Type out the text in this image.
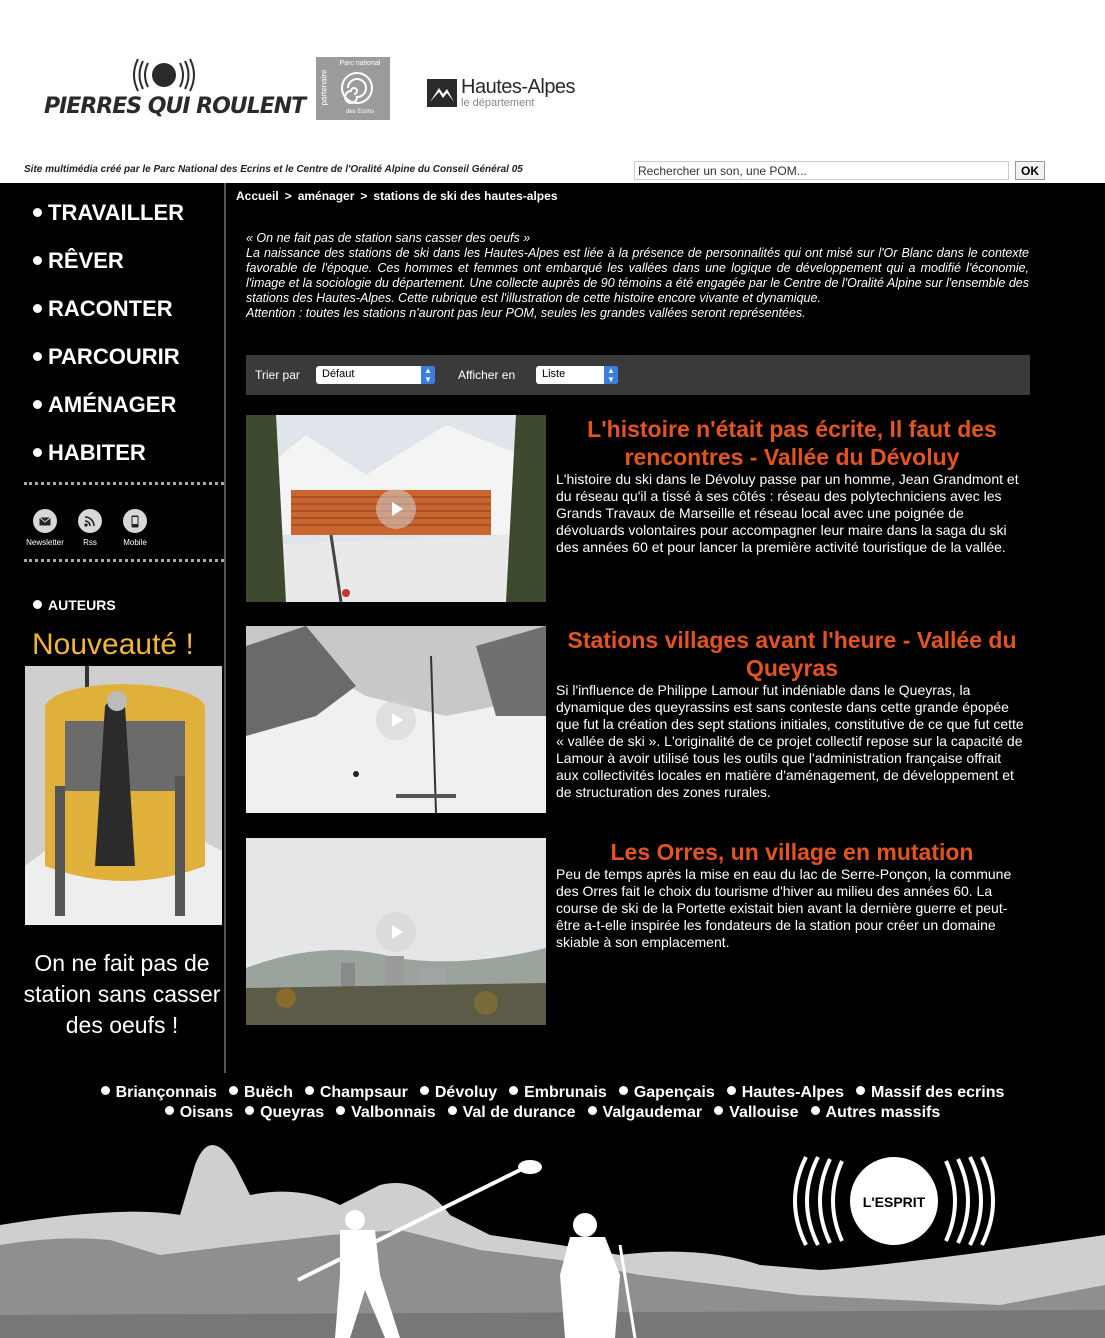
PIERRES QUI ROULENT
partenaire
Parc national
des Ecrins
Hautes-Alpes
le département
Site multimédia créé par le Parc National des Ecrins et le Centre de l'Oralité Alpine du Conseil Général 05
Rechercher un son, une POM...	OK
TRAVAILLER
RÊVER
RACONTER
PARCOURIR
AMÉNAGER
HABITER
Newsletter	Rss	Mobile
AUTEURS
Nouveauté !
On ne fait pas de station sans casser des oeufs !
Accueil > aménager > stations de ski des hautes-alpes
« On ne fait pas de station sans casser des oeufs »
La naissance des stations de ski dans les Hautes-Alpes est liée à la présence de personnalités qui ont misé sur l'Or Blanc dans le contexte favorable de l'époque. Ces hommes et femmes ont embarqué les vallées dans une logique de développement qui a modifié l'économie, l'image et la sociologie du département. Une collecte auprès de 90 témoins a été engagée par le Centre de l'Oralité Alpine sur l'ensemble des stations des Hautes-Alpes. Cette rubrique est l'illustration de cette histoire encore vivante et dynamique.
Attention : toutes les stations n'auront pas leur POM, seules les grandes vallées seront représentées.
Trier par	Défaut	▲
▼ Afficher en	Liste	▲
▼
L'histoire n'était pas écrite, Il faut des rencontres - Vallée du Dévoluy
L'histoire du ski dans le Dévoluy passe par un homme, Jean Grandmont et du réseau qu'il a tissé à ses côtés : réseau des polytechniciens avec les Grands Travaux de Marseille et réseau local avec une poignée de dévoluards volontaires pour accompagner leur maire dans la saga du ski des années 60 et pour lancer la première activité touristique de la vallée.
Stations villages avant l'heure - Vallée du Queyras
Si l'influence de Philippe Lamour fut indéniable dans le Queyras, la dynamique des queyrassins est sans conteste dans cette grande épopée que fut la création des sept stations initiales, constitutive de ce que fut cette « vallée de ski ». L'originalité de ce projet collectif repose sur la capacité de Lamour à avoir utilisé tous les outils que l'administration française offrait aux collectivités locales en matière d'aménagement, de développement et de structuration des zones rurales.
Les Orres, un village en mutation
Peu de temps après la mise en eau du lac de Serre-Ponçon, la commune des Orres fait le choix du tourisme d'hiver au milieu des années 60. La course de ski de la Portette existait bien avant la dernière guerre et peut-être a-t-elle inspirée les fondateurs de la station pour créer un domaine skiable à son emplacement.
Briançonnais Buëch Champsaur Dévoluy Embrunais Gapençais Hautes-Alpes Massif des ecrins
Oisans Queyras Valbonnais Val de durance Valgaudemar Vallouise Autres massifs
L'ESPRIT
